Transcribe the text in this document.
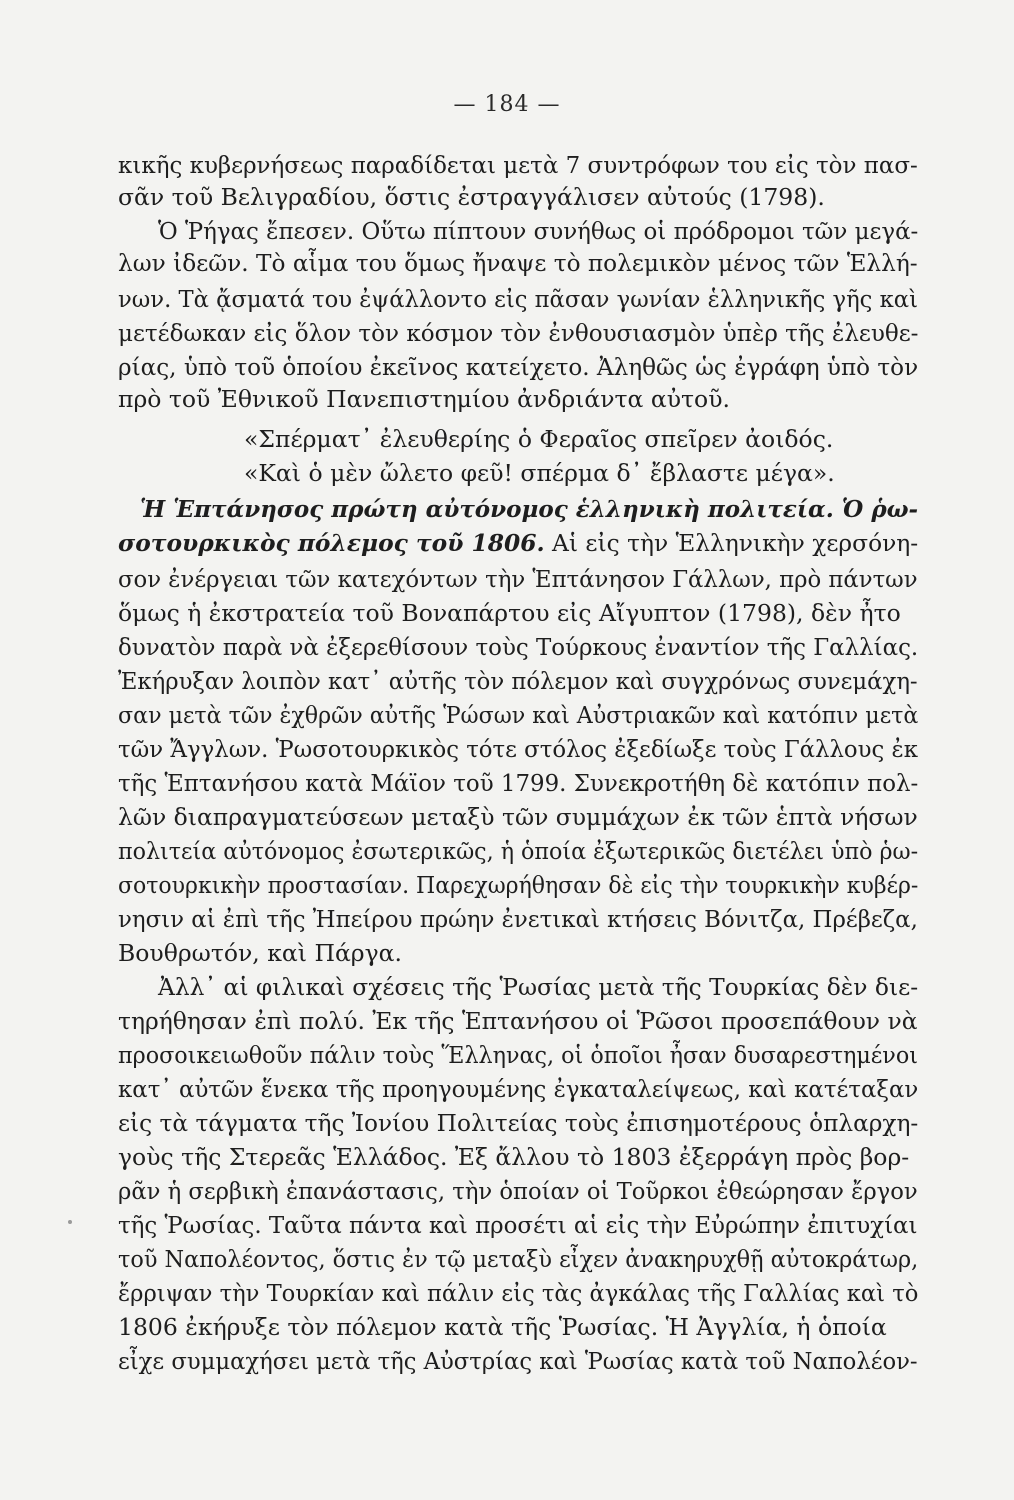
— 184 —
κικῆς κυβερνήσεως παραδίδεται μετὰ 7 συντρόφων του εἰς τὸν πασ-
σᾶν τοῦ Βελιγραδίου, ὅστις ἐστραγγάλισεν αὐτούς (1798).
Ὁ Ῥήγας ἔπεσεν. Οὕτω πίπτουν συνήθως οἱ πρόδρομοι τῶν μεγά-
λων ἰδεῶν. Τὸ αἷμα του ὅμως ἤναψε τὸ πολεμικὸν μένος τῶν Ἑλλή-
νων. Τὰ ᾄσματά του ἐψάλλοντο εἰς πᾶσαν γωνίαν ἑλληνικῆς γῆς καὶ
μετέδωκαν εἰς ὅλον τὸν κόσμον τὸν ἐνθουσιασμὸν ὑπὲρ τῆς ἐλευθε-
ρίας, ὑπὸ τοῦ ὁποίου ἐκεῖνος κατείχετο. Ἀληθῶς ὡς ἐγράφη ὑπὸ τὸν
πρὸ τοῦ Ἐθνικοῦ Πανεπιστημίου ἀνδριάντα αὐτοῦ.
«Σπέρματ᾽ ἐλευθερίης ὁ Φεραῖος σπεῖρεν ἀοιδός.
«Καὶ ὁ μὲν ὤλετο φεῦ! σπέρμα δ᾽ ἔβλαστε μέγα».
Ἡ Ἑπτάνησος πρώτη αὐτόνομος ἑλληνικὴ πολιτεία. Ὁ ῥω-
σοτουρκικὸς πόλεμος τοῦ 1806. Αἱ εἰς τὴν Ἑλληνικὴν χερσόνη-
σον ἐνέργειαι τῶν κατεχόντων τὴν Ἑπτάνησον Γάλλων, πρὸ πάντων
ὅμως ἡ ἐκστρατεία τοῦ Βοναπάρτου εἰς Αἴγυπτον (1798), δὲν ἦτο
δυνατὸν παρὰ νὰ ἐξερεθίσουν τοὺς Τούρκους ἐναντίον τῆς Γαλλίας.
Ἐκήρυξαν λοιπὸν κατ᾽ αὐτῆς τὸν πόλεμον καὶ συγχρόνως συνεμάχη-
σαν μετὰ τῶν ἐχθρῶν αὐτῆς Ῥώσων καὶ Αὐστριακῶν καὶ κατόπιν μετὰ
τῶν Ἄγγλων. Ῥωσοτουρκικὸς τότε στόλος ἐξεδίωξε τοὺς Γάλλους ἐκ
τῆς Ἑπτανήσου κατὰ Μάϊον τοῦ 1799. Συνεκροτήθη δὲ κατόπιν πολ-
λῶν διαπραγματεύσεων μεταξὺ τῶν συμμάχων ἐκ τῶν ἑπτὰ νήσων
πολιτεία αὐτόνομος ἐσωτερικῶς, ἡ ὁποία ἐξωτερικῶς διετέλει ὑπὸ ῥω-
σοτουρκικὴν προστασίαν. Παρεχωρήθησαν δὲ εἰς τὴν τουρκικὴν κυβέρ-
νησιν αἱ ἐπὶ τῆς Ἠπείρου πρώην ἐνετικαὶ κτήσεις Βόνιτζα, Πρέβεζα,
Βουθρωτόν, καὶ Πάργα.
Ἀλλ᾽ αἱ φιλικαὶ σχέσεις τῆς Ῥωσίας μετὰ τῆς Τουρκίας δὲν διε-
τηρήθησαν ἐπὶ πολύ. Ἐκ τῆς Ἑπτανήσου οἱ Ῥῶσοι προσεπάθουν νὰ
προσοικειωθοῦν πάλιν τοὺς Ἕλληνας, οἱ ὁποῖοι ἦσαν δυσαρεστημένοι
κατ᾽ αὐτῶν ἕνεκα τῆς προηγουμένης ἐγκαταλείψεως, καὶ κατέταξαν
εἰς τὰ τάγματα τῆς Ἰονίου Πολιτείας τοὺς ἐπισημοτέρους ὁπλαρχη-
γοὺς τῆς Στερεᾶς Ἑλλάδος. Ἐξ ἄλλου τὸ 1803 ἐξερράγη πρὸς βορ-
ρᾶν ἡ σερβικὴ ἐπανάστασις, τὴν ὁποίαν οἱ Τοῦρκοι ἐθεώρησαν ἔργον
τῆς Ῥωσίας. Ταῦτα πάντα καὶ προσέτι αἱ εἰς τὴν Εὐρώπην ἐπιτυχίαι
τοῦ Ναπολέοντος, ὅστις ἐν τῷ μεταξὺ εἶχεν ἀνακηρυχθῇ αὐτοκράτωρ,
ἔρριψαν τὴν Τουρκίαν καὶ πάλιν εἰς τὰς ἀγκάλας τῆς Γαλλίας καὶ τὸ
1806 ἐκήρυξε τὸν πόλεμον κατὰ τῆς Ῥωσίας. Ἡ Ἀγγλία, ἡ ὁποία
εἶχε συμμαχήσει μετὰ τῆς Αὐστρίας καὶ Ῥωσίας κατὰ τοῦ Ναπολέον-
